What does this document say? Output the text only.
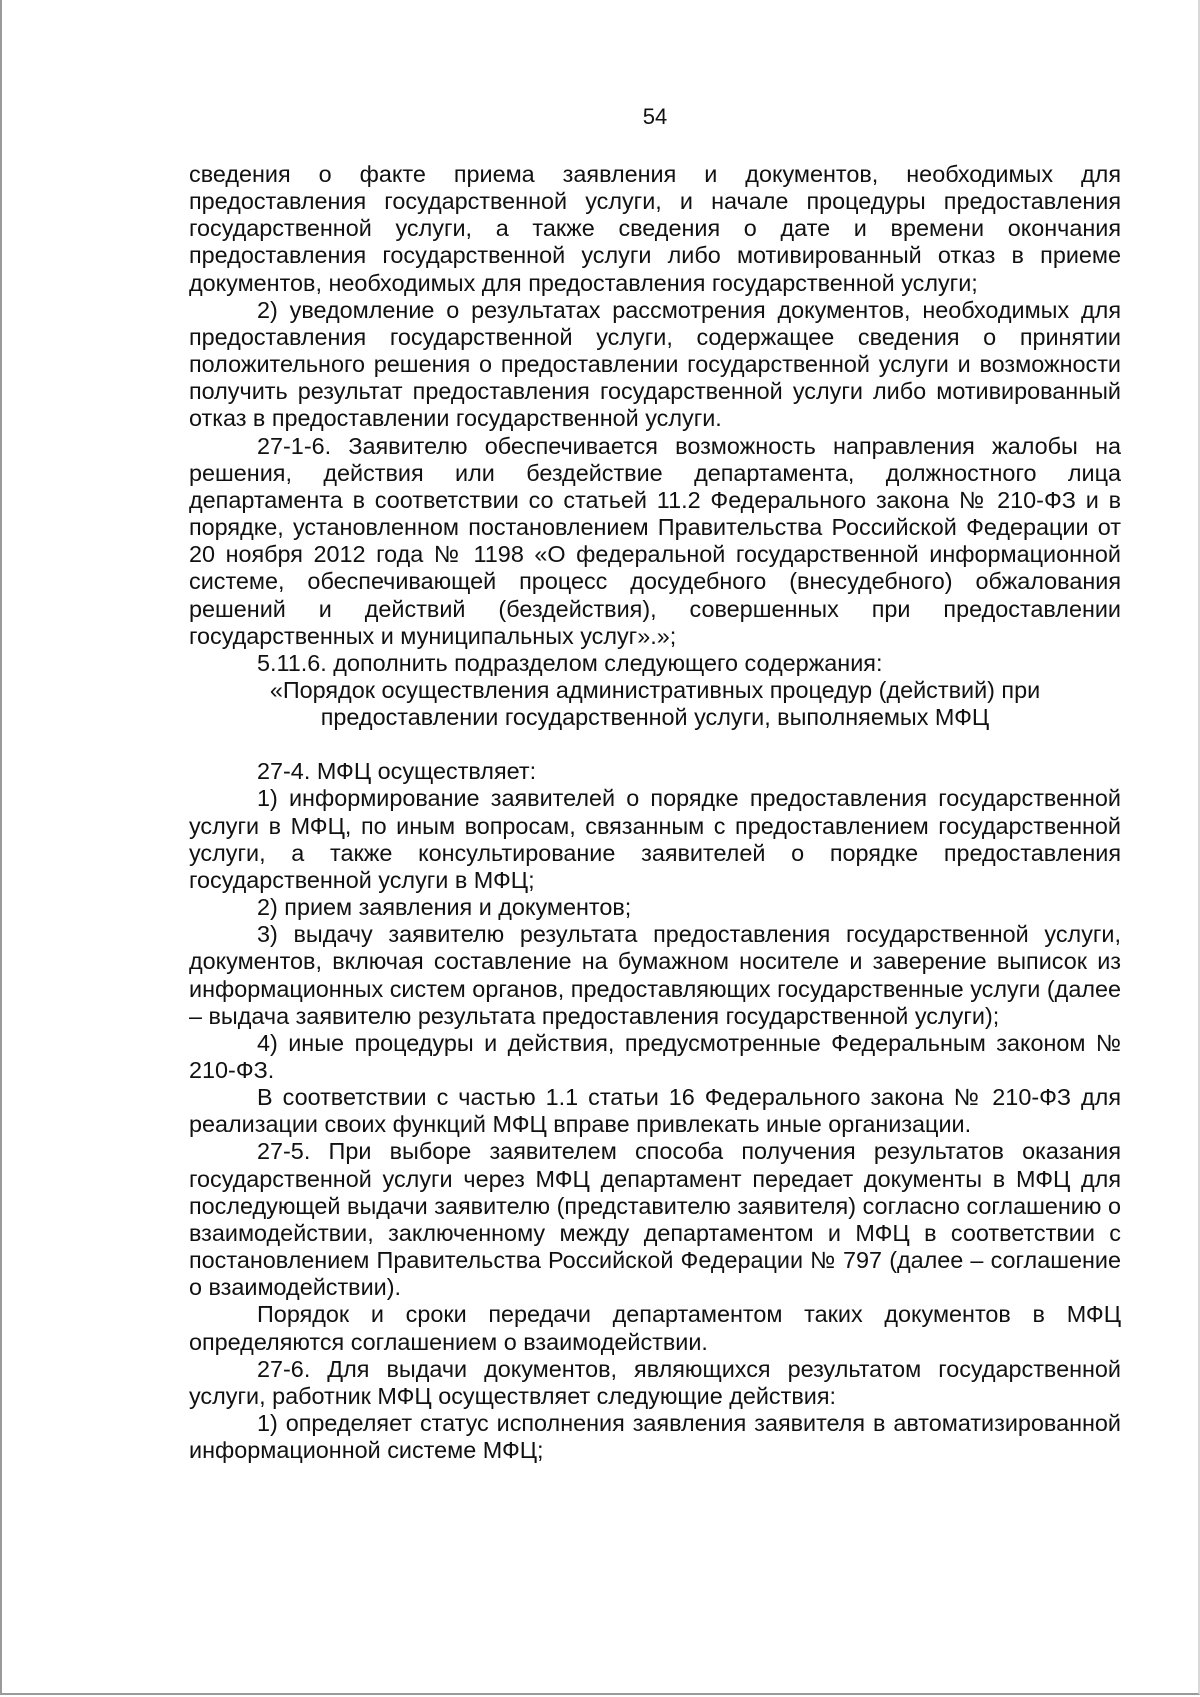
54

сведения о факте приема заявления и документов, необходимых для предоставления государственной услуги, и начале процедуры предоставления государственной услуги, а также сведения о дате и времени окончания предоставления государственной услуги либо мотивированный отказ в приеме документов, необходимых для предоставления государственной услуги;

2) уведомление о результатах рассмотрения документов, необходимых для предоставления государственной услуги, содержащее сведения о принятии положительного решения о предоставлении государственной услуги и возможности получить результат предоставления государственной услуги либо мотивированный отказ в предоставлении государственной услуги.

27-1-6. Заявителю обеспечивается возможность направления жалобы на решения, действия или бездействие департамента, должностного лица департамента в соответствии со статьей 11.2 Федерального закона № 210-ФЗ и в порядке, установленном постановлением Правительства Российской Федерации от 20 ноября 2012 года № 1198 «О федеральной государственной информационной системе, обеспечивающей процесс досудебного (внесудебного) обжалования решений и действий (бездействия), совершенных при предоставлении государственных и муниципальных услуг».»;

5.11.6. дополнить подразделом следующего содержания:

«Порядок осуществления административных процедур (действий) при

предоставлении государственной услуги, выполняемых МФЦ

27-4. МФЦ осуществляет:

1) информирование заявителей о порядке предоставления государственной услуги в МФЦ, по иным вопросам, связанным с предоставлением государственной услуги, а также консультирование заявителей о порядке предоставления государственной услуги в МФЦ;

2) прием заявления и документов;

3) выдачу заявителю результата предоставления государственной услуги, документов, включая составление на бумажном носителе и заверение выписок из информационных систем органов, предоставляющих государственные услуги (далее – выдача заявителю результата предоставления государственной услуги);

4) иные процедуры и действия, предусмотренные Федеральным законом № 210-ФЗ.

В соответствии с частью 1.1 статьи 16 Федерального закона № 210-ФЗ для реализации своих функций МФЦ вправе привлекать иные организации.

27-5. При выборе заявителем способа получения результатов оказания государственной услуги через МФЦ департамент передает документы в МФЦ для последующей выдачи заявителю (представителю заявителя) согласно соглашению о взаимодействии, заключенному между департаментом и МФЦ в соответствии с постановлением Правительства Российской Федерации № 797 (далее – соглашение о взаимодействии).

Порядок и сроки передачи департаментом таких документов в МФЦ определяются соглашением о взаимодействии.

27-6. Для выдачи документов, являющихся результатом государственной услуги, работник МФЦ осуществляет следующие действия:

1) определяет статус исполнения заявления заявителя в автоматизированной информационной системе МФЦ;
